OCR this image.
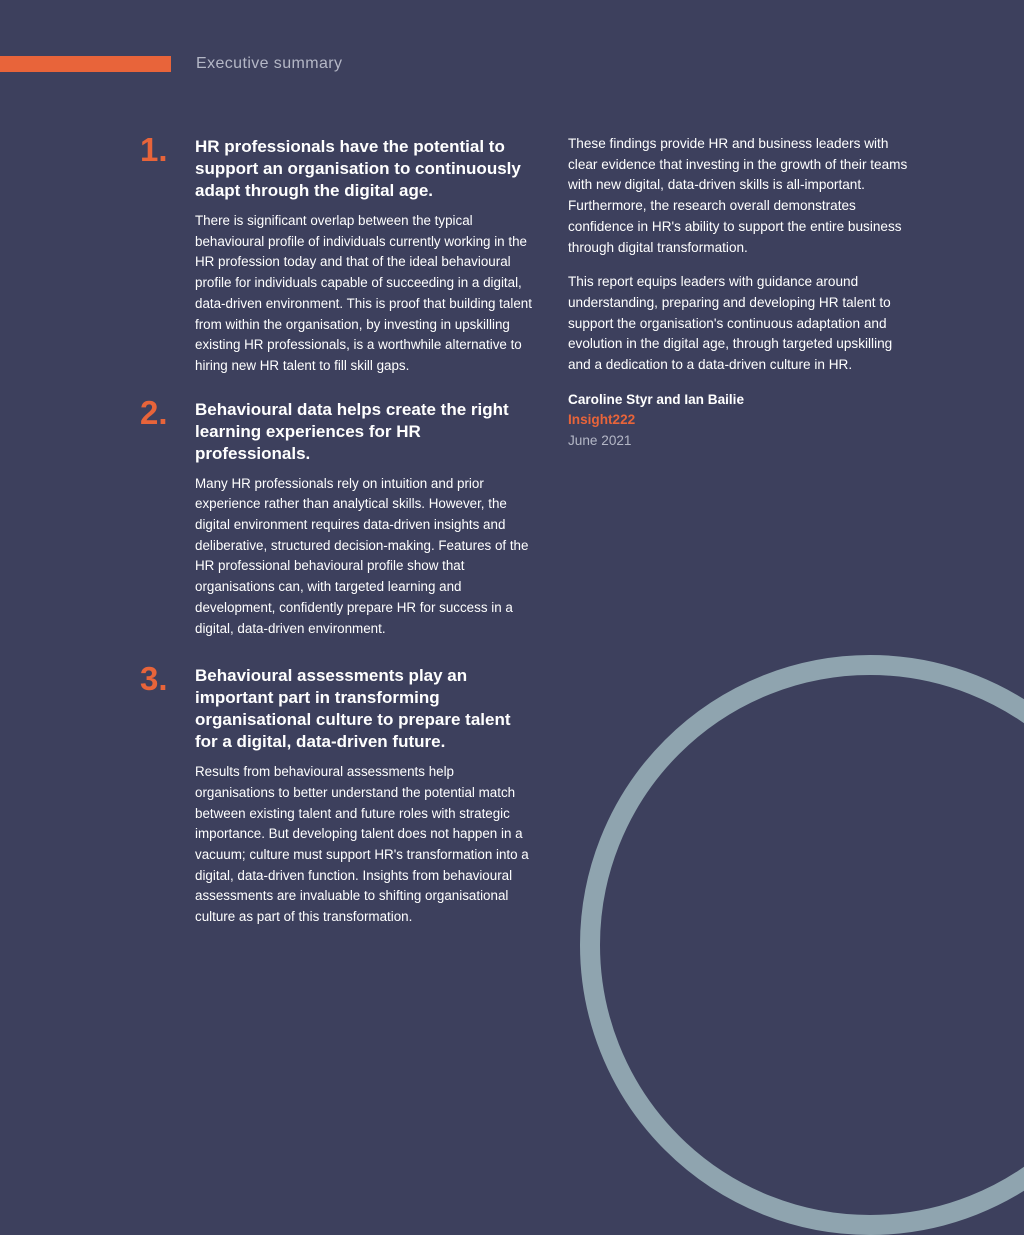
Executive summary
1. HR professionals have the potential to support an organisation to continuously adapt through the digital age.

There is significant overlap between the typical behavioural profile of individuals currently working in the HR profession today and that of the ideal behavioural profile for individuals capable of succeeding in a digital, data-driven environment. This is proof that building talent from within the organisation, by investing in upskilling existing HR professionals, is a worthwhile alternative to hiring new HR talent to fill skill gaps.

2. Behavioural data helps create the right learning experiences for HR professionals.

Many HR professionals rely on intuition and prior experience rather than analytical skills. However, the digital environment requires data-driven insights and deliberative, structured decision-making. Features of the HR professional behavioural profile show that organisations can, with targeted learning and development, confidently prepare HR for success in a digital, data-driven environment.

3. Behavioural assessments play an important part in transforming organisational culture to prepare talent for a digital, data-driven future.

Results from behavioural assessments help organisations to better understand the potential match between existing talent and future roles with strategic importance. But developing talent does not happen in a vacuum; culture must support HR's transformation into a digital, data-driven function. Insights from behavioural assessments are invaluable to shifting organisational culture as part of this transformation.

These findings provide HR and business leaders with clear evidence that investing in the growth of their teams with new digital, data-driven skills is all-important. Furthermore, the research overall demonstrates confidence in HR's ability to support the entire business through digital transformation.

This report equips leaders with guidance around understanding, preparing and developing HR talent to support the organisation's continuous adaptation and evolution in the digital age, through targeted upskilling and a dedication to a data-driven culture in HR.

Caroline Styr and Ian Bailie
Insight222
June 2021
